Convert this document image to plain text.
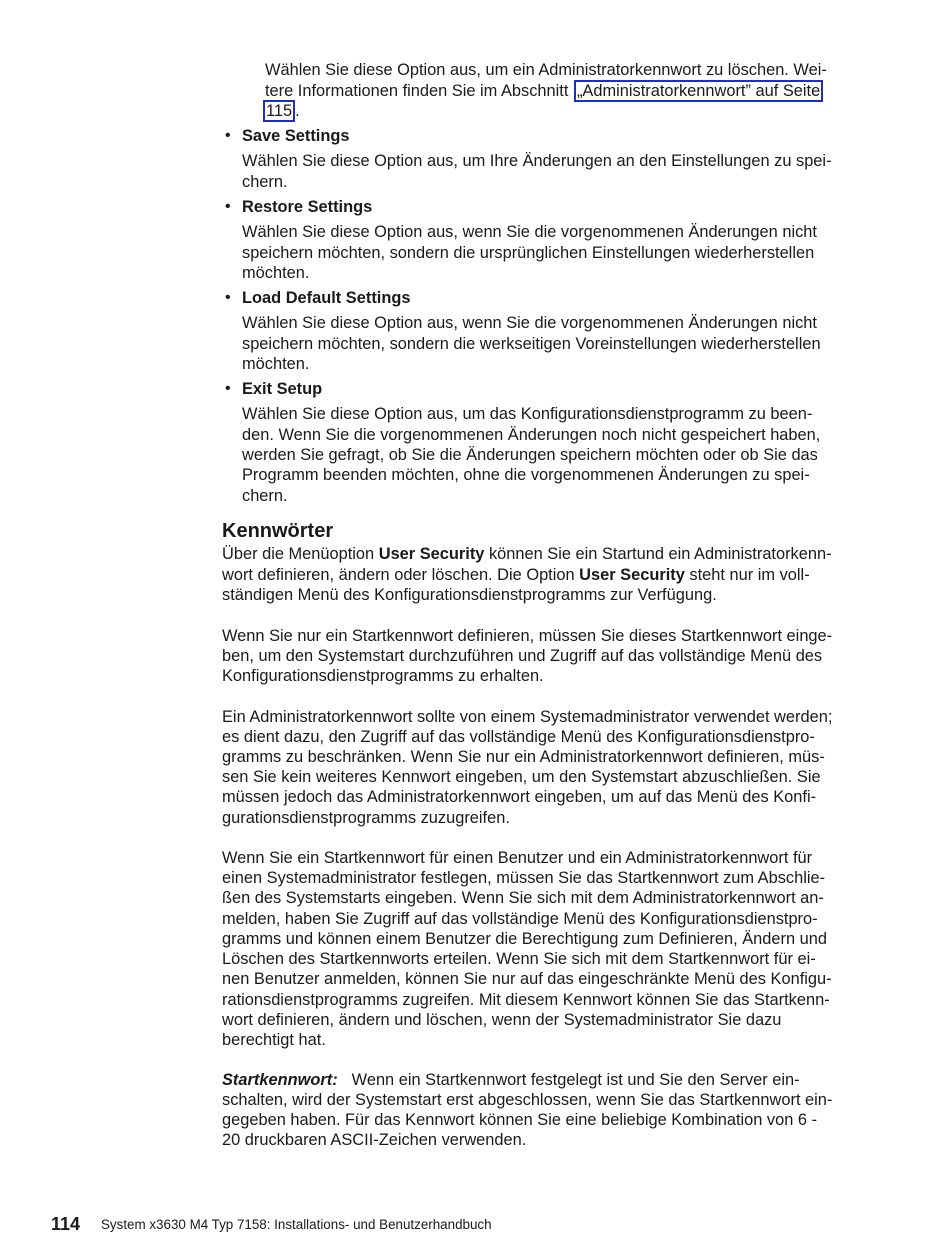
Wählen Sie diese Option aus, um ein Administratorkennwort zu löschen. Wei-
tere Informationen finden Sie im Abschnitt „Administratorkennwort” auf Seite
115 .
• Save Settings
Wählen Sie diese Option aus, um Ihre Änderungen an den Einstellungen zu spei-
chern.
• Restore Settings
Wählen Sie diese Option aus, wenn Sie die vorgenommenen Änderungen nicht
speichern möchten, sondern die ursprünglichen Einstellungen wiederherstellen
möchten.
• Load Default Settings
Wählen Sie diese Option aus, wenn Sie die vorgenommenen Änderungen nicht
speichern möchten, sondern die werkseitigen Voreinstellungen wiederherstellen
möchten.
• Exit Setup
Wählen Sie diese Option aus, um das Konfigurationsdienstprogramm zu been-
den. Wenn Sie die vorgenommenen Änderungen noch nicht gespeichert haben,
werden Sie gefragt, ob Sie die Änderungen speichern möchten oder ob Sie das
Programm beenden möchten, ohne die vorgenommenen Änderungen zu spei-
chern.
Kennwörter
Über die Menüoption User Security können Sie ein Startund ein Administratorkenn-
wort definieren, ändern oder löschen. Die Option User Security steht nur im voll-
ständigen Menü des Konfigurationsdienstprogramms zur Verfügung.
Wenn Sie nur ein Startkennwort definieren, müssen Sie dieses Startkennwort einge-
ben, um den Systemstart durchzuführen und Zugriff auf das vollständige Menü des
Konfigurationsdienstprogramms zu erhalten.
Ein Administratorkennwort sollte von einem Systemadministrator verwendet werden;
es dient dazu, den Zugriff auf das vollständige Menü des Konfigurationsdienstpro-
gramms zu beschränken. Wenn Sie nur ein Administratorkennwort definieren, müs-
sen Sie kein weiteres Kennwort eingeben, um den Systemstart abzuschließen. Sie
müssen jedoch das Administratorkennwort eingeben, um auf das Menü des Konfi-
gurationsdienstprogramms zuzugreifen.
Wenn Sie ein Startkennwort für einen Benutzer und ein Administratorkennwort für
einen Systemadministrator festlegen, müssen Sie das Startkennwort zum Abschlie-
ßen des Systemstarts eingeben. Wenn Sie sich mit dem Administratorkennwort an-
melden, haben Sie Zugriff auf das vollständige Menü des Konfigurationsdienstpro-
gramms und können einem Benutzer die Berechtigung zum Definieren, Ändern und
Löschen des Startkennworts erteilen. Wenn Sie sich mit dem Startkennwort für ei-
nen Benutzer anmelden, können Sie nur auf das eingeschränkte Menü des Konfigu-
rationsdienstprogramms zugreifen. Mit diesem Kennwort können Sie das Startkenn-
wort definieren, ändern und löschen, wenn der Systemadministrator Sie dazu
berechtigt hat.
Startkennwort: Wenn ein Startkennwort festgelegt ist und Sie den Server ein-
schalten, wird der Systemstart erst abgeschlossen, wenn Sie das Startkennwort ein-
gegeben haben. Für das Kennwort können Sie eine beliebige Kombination von 6 -
20 druckbaren ASCII-Zeichen verwenden.
114 System x3630 M4 Typ 7158: Installations- und Benutzerhandbuch
